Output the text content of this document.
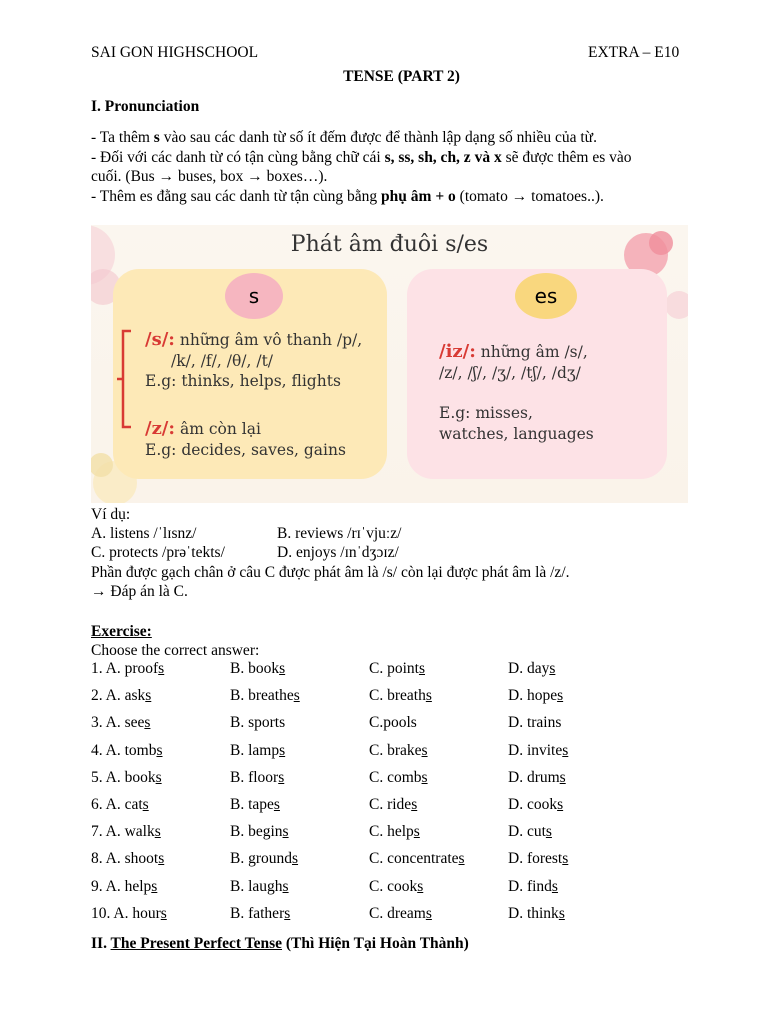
SAI GON HIGHSCHOOL	EXTRA – E10
TENSE (PART 2)
I. Pronunciation
- Ta thêm s vào sau các danh từ số ít đếm được để thành lập dạng số nhiều của từ.
- Đối với các danh từ có tận cùng bằng chữ cái s, ss, sh, ch, z và x sẽ được thêm es vào
cuối. (Bus → buses, box → boxes…).
- Thêm es đằng sau các danh từ tận cùng bằng phụ âm + o (tomato → tomatoes..).
Phát âm đuôi s/es
s	es
/s/: những âm vô thanh /p/,
/k/, /f/, /θ/, /t/
E.g: thinks, helps, flights
/z/: âm còn lại
E.g: decides, saves, gains
/iz/: những âm /s/,
/z/, /ʃ/, /ʒ/, /tʃ/, /dʒ/
E.g: misses,
watches, languages
Ví dụ:
A. listens /ˈlɪsnz/	B. reviews /rɪˈvjuːz/
C. protects /prəˈtekts/	D. enjoys /ɪnˈdʒɔɪz/
Phần được gạch chân ở câu C được phát âm là /s/ còn lại được phát âm là /z/.
→ Đáp án là C.
Exercise:
Choose the correct answer:
1. A. proofs	B. books	C. points	D. days
2. A. asks	B. breathes	C. breaths	D. hopes
3. A. sees	B. sports	C.pools	D. trains
4. A. tombs	B. lamps	C. brakes	D. invites
5. A. books	B. floors	C. combs	D. drums
6. A. cats	B. tapes	C. rides	D. cooks
7. A. walks	B. begins	C. helps	D. cuts
8. A. shoots	B. grounds	C. concentrates	D. forests
9. A. helps	B. laughs	C. cooks	D. finds
10. A. hours	B. fathers	C. dreams	D. thinks
II. The Present Perfect Tense (Thì Hiện Tại Hoàn Thành)
